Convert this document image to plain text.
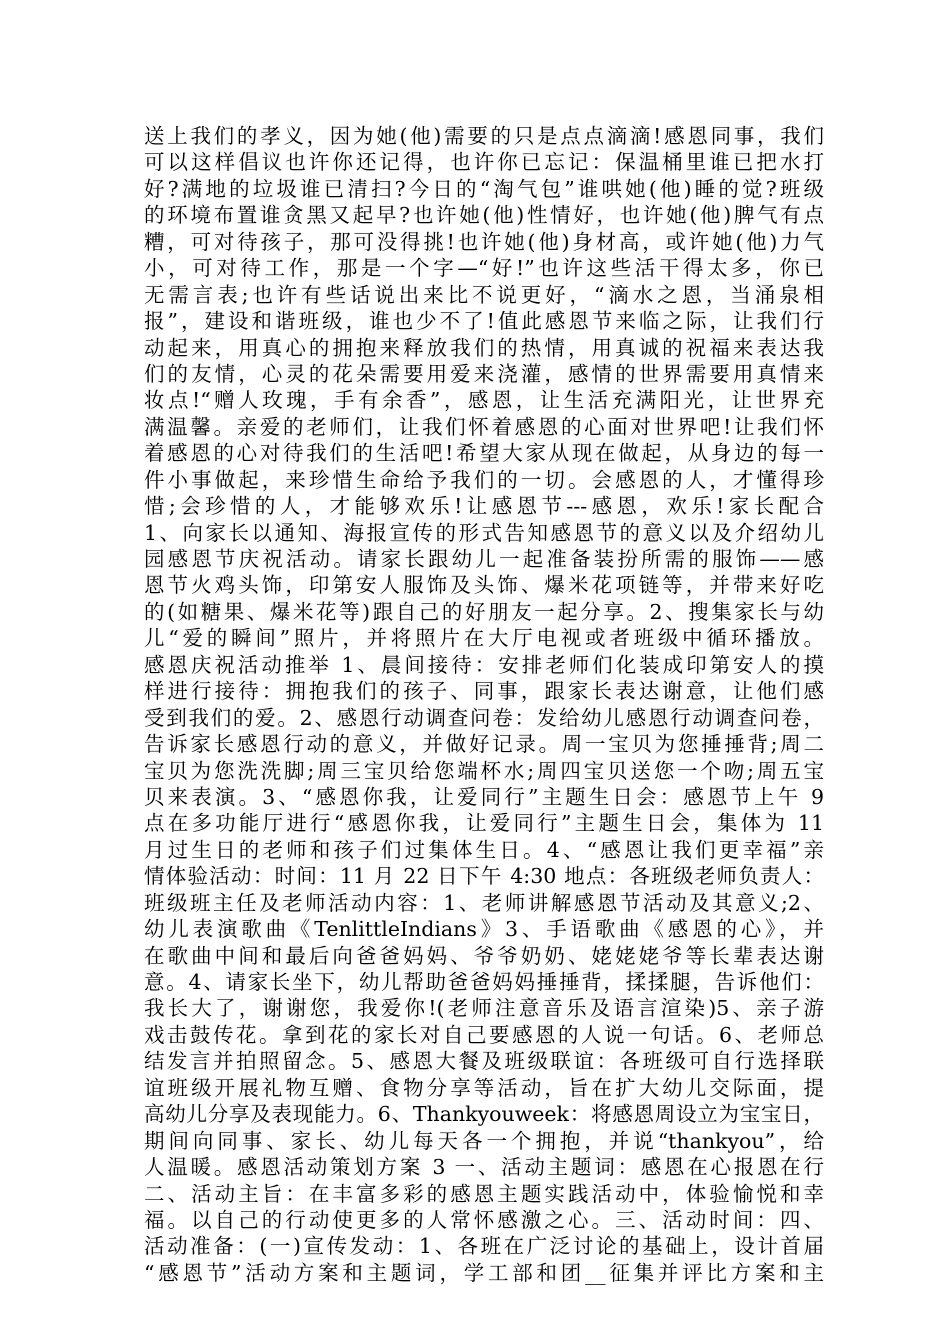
送上我们的孝义，因为她(他)需要的只是点点滴滴!感恩同事，我们
可以这样倡议也许你还记得，也许你已忘记：保温桶里谁已把水打
好?满地的垃圾谁已清扫?今日的“淘气包”谁哄她(他)睡的觉?班级
的环境布置谁贪黑又起早?也许她(他)性情好，也许她(他)脾气有点
糟，可对待孩子，那可没得挑!也许她(他)身材高，或许她(他)力气
小，可对待工作，那是一个字—“好!”也许这些活干得太多，你已
无需言表;也许有些话说出来比不说更好，“滴水之恩，当涌泉相
报”，建设和谐班级，谁也少不了!值此感恩节来临之际，让我们行
动起来，用真心的拥抱来释放我们的热情，用真诚的祝福来表达我
们的友情，心灵的花朵需要用爱来浇灌，感情的世界需要用真情来
妆点!“赠人玫瑰，手有余香”，感恩，让生活充满阳光，让世界充
满温馨。亲爱的老师们，让我们怀着感恩的心面对世界吧!让我们怀
着感恩的心对待我们的生活吧!希望大家从现在做起，从身边的每一
件小事做起，来珍惜生命给予我们的一切。会感恩的人，才懂得珍
惜;会珍惜的人，才能够欢乐!让感恩节---感恩，欢乐!家长配合
1、向家长以通知、海报宣传的形式告知感恩节的意义以及介绍幼儿
园感恩节庆祝活动。请家长跟幼儿一起准备装扮所需的服饰——感
恩节火鸡头饰，印第安人服饰及头饰、爆米花项链等，并带来好吃
的(如糖果、爆米花等)跟自己的好朋友一起分享。2、搜集家长与幼
儿“爱的瞬间”照片，并将照片在大厅电视或者班级中循环播放。
感恩庆祝活动推举 1、晨间接待：安排老师们化装成印第安人的摸
样进行接待：拥抱我们的孩子、同事，跟家长表达谢意，让他们感
受到我们的爱。2、感恩行动调查问卷：发给幼儿感恩行动调查问卷，
告诉家长感恩行动的意义，并做好记录。周一宝贝为您捶捶背;周二
宝贝为您洗洗脚;周三宝贝给您端杯水;周四宝贝送您一个吻;周五宝
贝来表演。3、“感恩你我，让爱同行”主题生日会：感恩节上午 9
点在多功能厅进行“感恩你我，让爱同行”主题生日会，集体为 11
月过生日的老师和孩子们过集体生日。4、“感恩让我们更幸福”亲
情体验活动：时间：11 月 22 日下午 4:30 地点：各班级老师负责人：
班级班主任及老师活动内容：1、老师讲解感恩节活动及其意义;2、
幼儿表演歌曲《TenlittleIndians》3、手语歌曲《感恩的心》，并
在歌曲中间和最后向爸爸妈妈、爷爷奶奶、姥姥姥爷等长辈表达谢
意。4、请家长坐下，幼儿帮助爸爸妈妈捶捶背，揉揉腿，告诉他们：
我长大了，谢谢您，我爱你!(老师注意音乐及语言渲染)5、亲子游
戏击鼓传花。拿到花的家长对自己要感恩的人说一句话。6、老师总
结发言并拍照留念。5、感恩大餐及班级联谊：各班级可自行选择联
谊班级开展礼物互赠、食物分享等活动，旨在扩大幼儿交际面，提
高幼儿分享及表现能力。6、Thankyouweek：将感恩周设立为宝宝日，
期间向同事、家长、幼儿每天各一个拥抱，并说“thankyou”，给
人温暖。感恩活动策划方案 3 一、活动主题词：感恩在心报恩在行
二、活动主旨：在丰富多彩的感恩主题实践活动中，体验愉悦和幸
福。以自己的行动使更多的人常怀感激之心。三、活动时间：四、
活动准备：(一)宣传发动：1、各班在广泛讨论的基础上，设计首届
“感恩节”活动方案和主题词，学工部和团__征集并评比方案和主
